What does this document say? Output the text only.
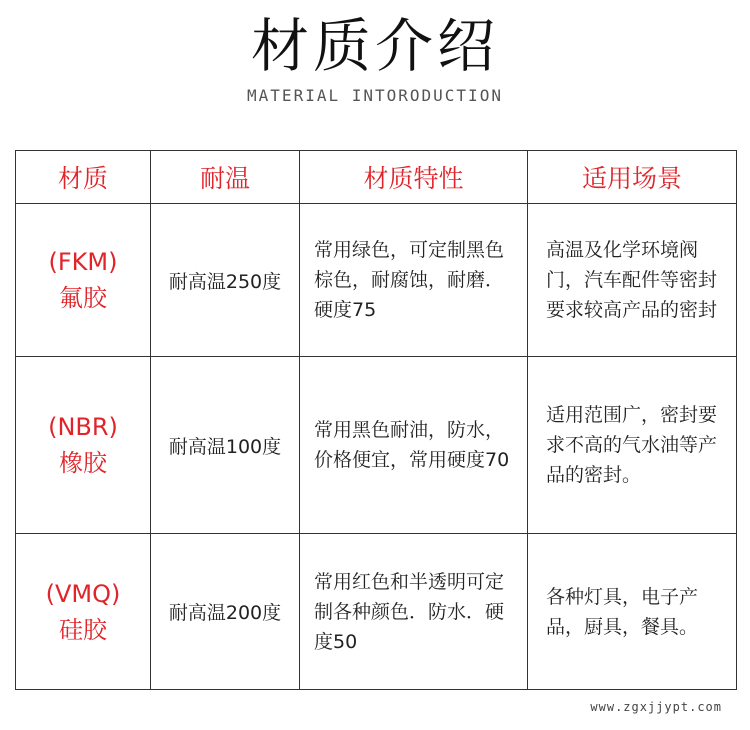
材质介绍
MATERIAL INTORODUCTION
材质	耐温	材质特性	适用场景

(FKM)
氟胶	耐高温250度	常用绿色，可定制黑色棕色，耐腐蚀，耐磨．硬度75	高温及化学环境阀门，汽车配件等密封要求较高产品的密封

(NBR)
橡胶	耐高温100度	常用黑色耐油，防水，价格便宜，常用硬度70	适用范围广，密封要求不高的气水油等产品的密封。

(VMQ)
硅胶	耐高温200度	常用红色和半透明可定制各种颜色．防水．硬度50	各种灯具，电子产品，厨具，餐具。
www.zgxjjypt.com
